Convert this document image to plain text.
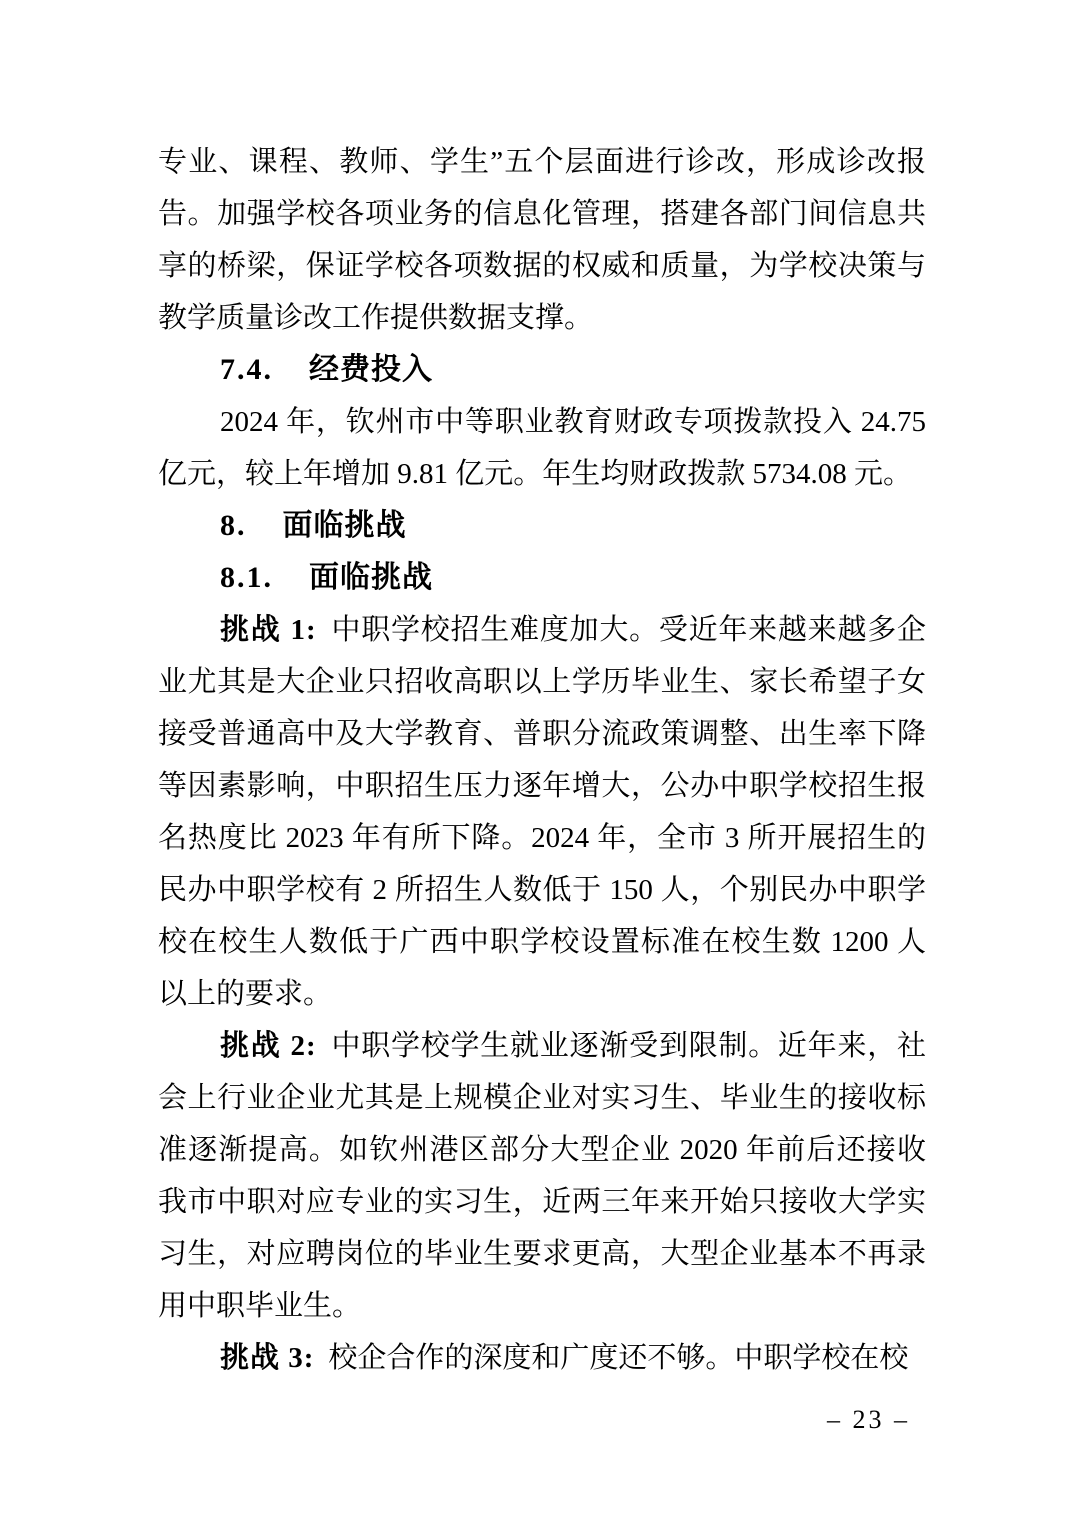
专业、课程、教师、学生”五个层面进行诊改，形成诊改报告。加强学校各项业务的信息化管理，搭建各部门间信息共享的桥梁，保证学校各项数据的权威和质量，为学校决策与教学质量诊改工作提供数据支撑。

7.4. 经费投入

2024 年，钦州市中等职业教育财政专项拨款投入 24.75 亿元，较上年增加 9.81 亿元。年生均财政拨款 5734.08 元。

8. 面临挑战
8.1. 面临挑战

挑战 1: 中职学校招生难度加大。受近年来越来越多企业尤其是大企业只招收高职以上学历毕业生、家长希望子女接受普通高中及大学教育、普职分流政策调整、出生率下降等因素影响，中职招生压力逐年增大，公办中职学校招生报名热度比 2023 年有所下降。2024 年，全市 3 所开展招生的民办中职学校有 2 所招生人数低于 150 人，个别民办中职学校在校生人数低于广西中职学校设置标准在校生数 1200 人以上的要求。

挑战 2: 中职学校学生就业逐渐受到限制。近年来，社会上行业企业尤其是上规模企业对实习生、毕业生的接收标准逐渐提高。如钦州港区部分大型企业 2020 年前后还接收我市中职对应专业的实习生，近两三年来开始只接收大学实习生，对应聘岗位的毕业生要求更高，大型企业基本不再录用中职毕业生。

挑战 3: 校企合作的深度和广度还不够。中职学校在校

– 23 –
